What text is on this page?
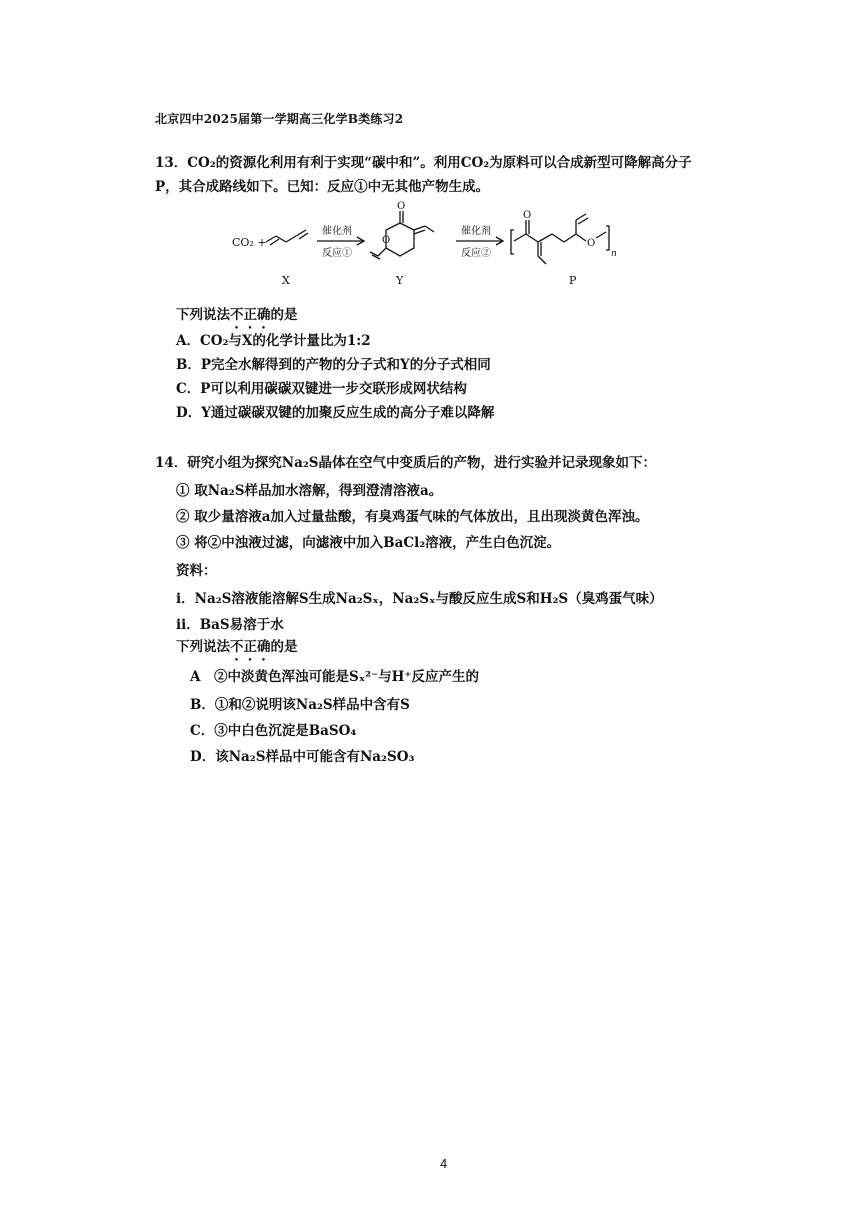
北京四中2025届第一学期高三化学B类练习2
13．CO₂的资源化利用有利于实现“碳中和”。利用CO₂为原料可以合成新型可降解高分子
P，其合成路线如下。已知：反应①中无其他产物生成。
CO₂ +
催化剂
反应①
催化剂
反应②
O
O
O
O
n
X	Y	P
下列说法不正确的是
A．CO₂与X的化学计量比为1:2
B．P完全水解得到的产物的分子式和Y的分子式相同
C．P可以利用碳碳双键进一步交联形成网状结构
D．Y通过碳碳双键的加聚反应生成的高分子难以降解
14．研究小组为探究Na₂S晶体在空气中变质后的产物，进行实验并记录现象如下：
① 取Na₂S样品加水溶解，得到澄清溶液a。
② 取少量溶液a加入过量盐酸，有臭鸡蛋气味的气体放出，且出现淡黄色浑浊。
③ 将②中浊液过滤，向滤液中加入BaCl₂溶液，产生白色沉淀。
资料：
i．Na₂S溶液能溶解S生成Na₂Sₓ，Na₂Sₓ与酸反应生成S和H₂S（臭鸡蛋气味）
ii．BaS易溶于水
下列说法不正确的是
A　②中淡黄色浑浊可能是Sₓ²⁻与H⁺反应产生的
B．①和②说明该Na₂S样品中含有S
C．③中白色沉淀是BaSO₄
D．该Na₂S样品中可能含有Na₂SO₃
4
